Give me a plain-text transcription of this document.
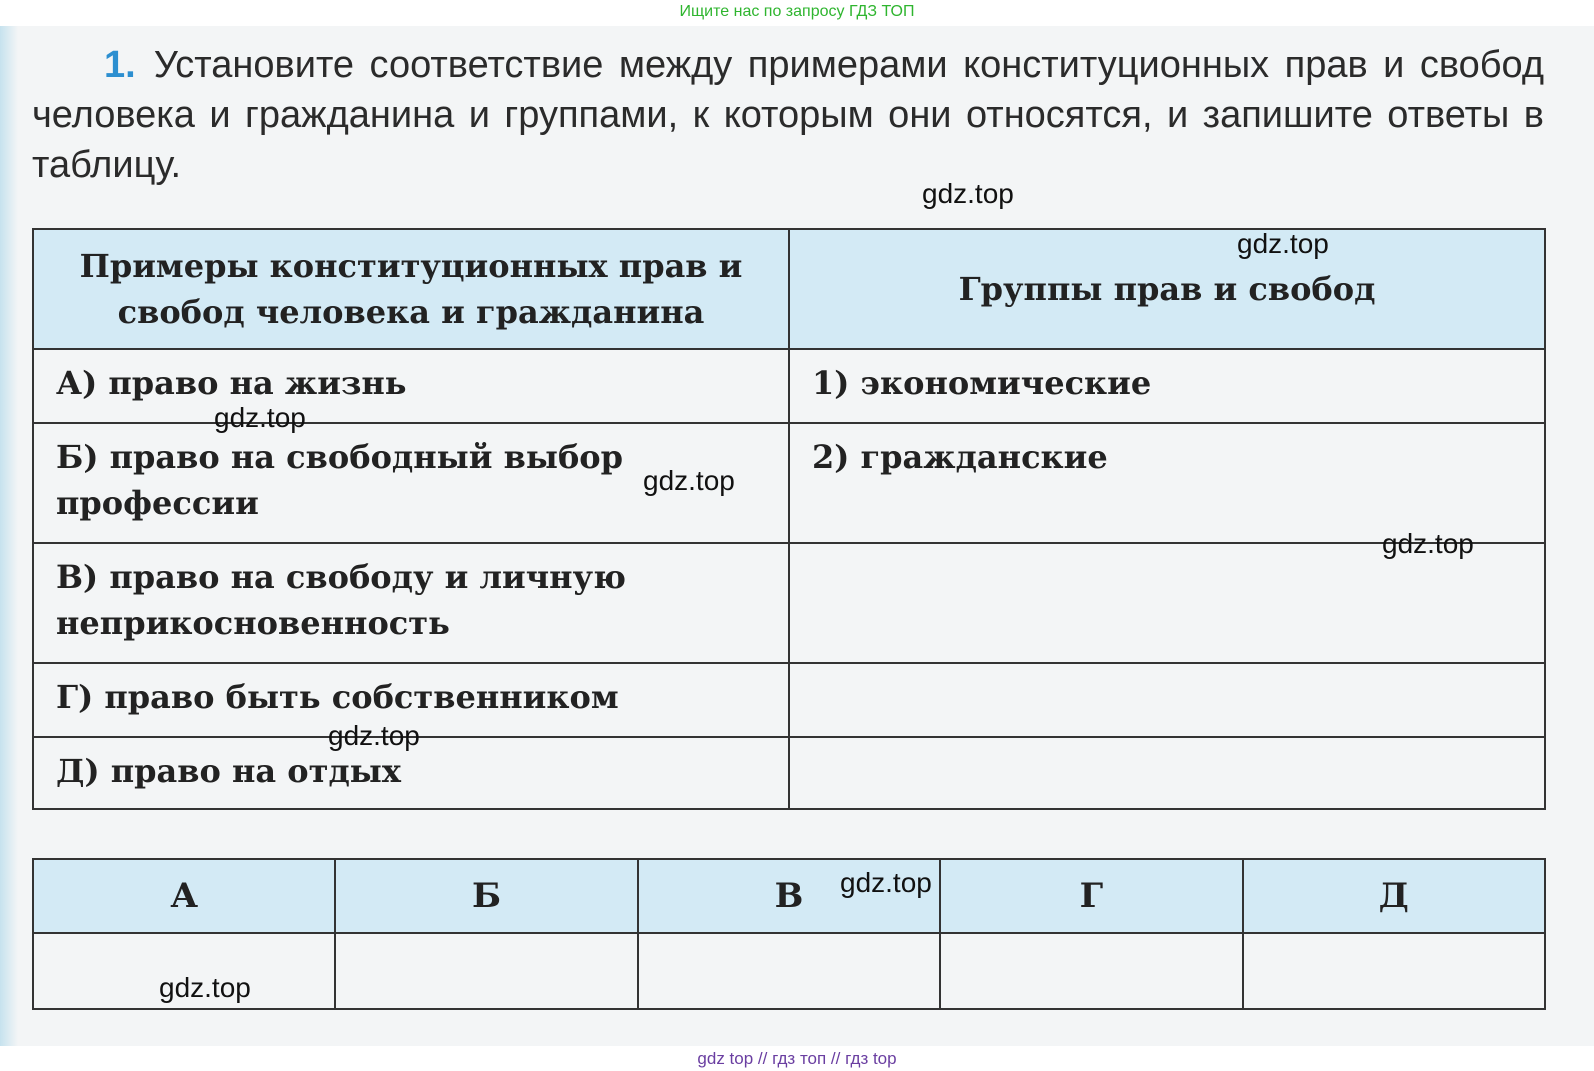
Ищите нас по запросу ГДЗ ТОП
1. Установите соответствие между примерами конституционных прав и свобод человека и гражданина и группами, к которым они относятся, и запишите ответы в таблицу.
Примеры конституционных прав и свобод человека и гражданина	Группы прав и свобод
А) право на жизнь	1) экономические
Б) право на свободный выбор профессии	2) гражданские
В) право на свободу и личную неприкосновенность	
Г) право быть собственником	
Д) право на отдых	
А	Б	В	Г	Д

gdz.top
gdz.top
gdz.top
gdz.top
gdz.top
gdz.top
gdz.top
gdz.top
gdz top // гдз топ // гдз top
